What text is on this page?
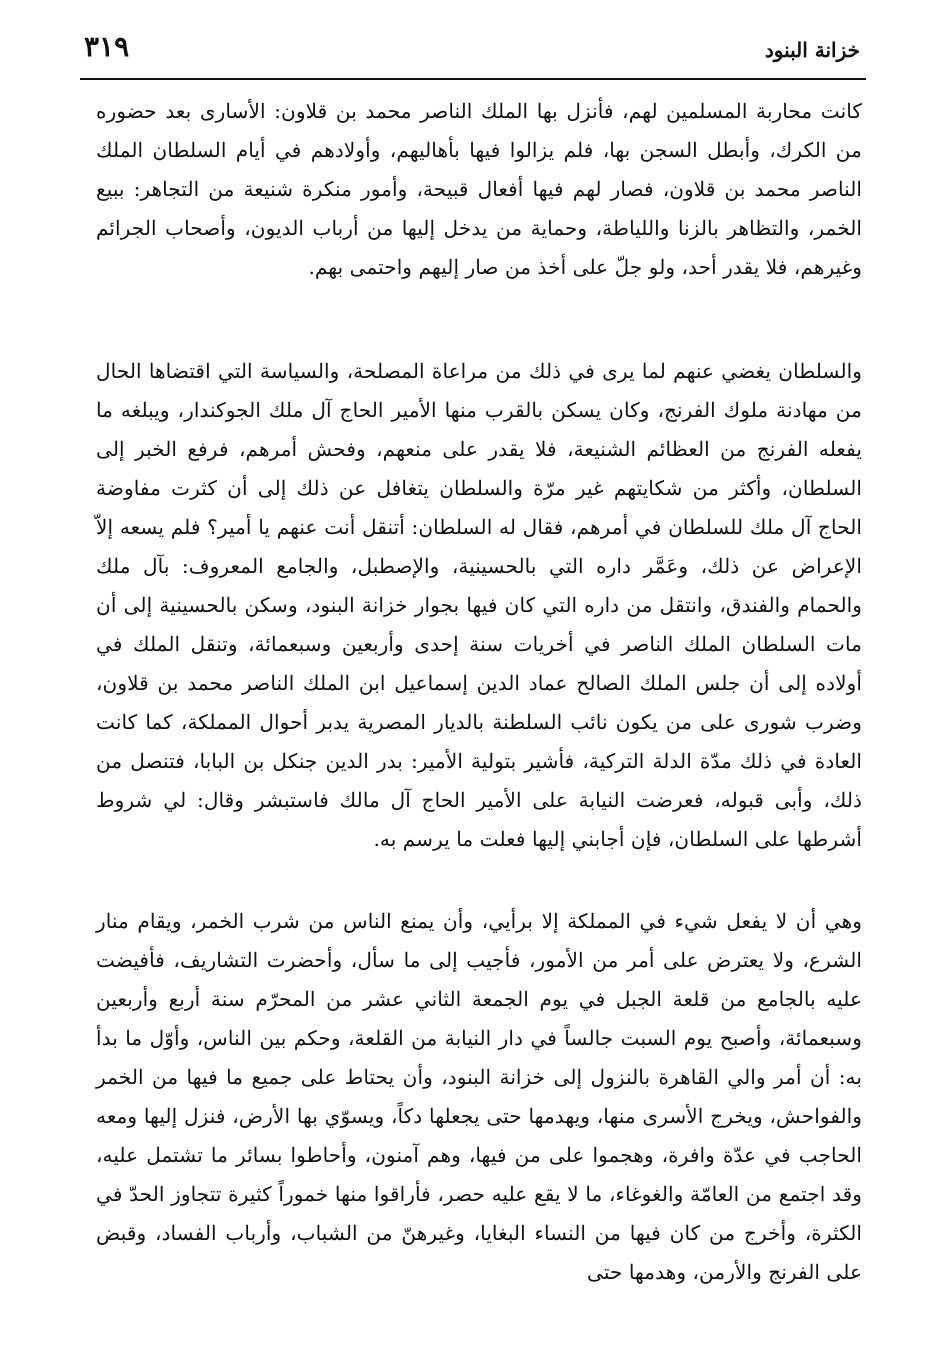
٣١٩	خزانة البنود

كانت محاربة المسلمين لهم، فأنزل بها الملك الناصر محمد بن قلاون: الأسارى بعد حضوره من الكرك، وأبطل السجن بها، فلم يزالوا فيها بأهاليهم، وأولادهم في أيام السلطان الملك الناصر محمد بن قلاون، فصار لهم فيها أفعال قبيحة، وأمور منكرة شنيعة من التجاهر: ببيع الخمر، والتظاهر بالزنا واللياطة، وحماية من يدخل إليها من أرباب الديون، وأصحاب الجرائم وغيرهم، فلا يقدر أحد، ولو جلّ على أخذ من صار إليهم واحتمى بهم.

والسلطان يغضي عنهم لما يرى في ذلك من مراعاة المصلحة، والسياسة التي اقتضاها الحال من مهادنة ملوك الفرنج، وكان يسكن بالقرب منها الأمير الحاج آل ملك الجوكندار، ويبلغه ما يفعله الفرنج من العظائم الشنيعة، فلا يقدر على منعهم، وفحش أمرهم، فرفع الخبر إلى السلطان، وأكثر من شكايتهم غير مرّة والسلطان يتغافل عن ذلك إلى أن كثرت مفاوضة الحاج آل ملك للسلطان في أمرهم، فقال له السلطان: أتنقل أنت عنهم يا أمير؟ فلم يسعه إلاّ الإعراض عن ذلك، وعَمَّر داره التي بالحسينية، والإصطبل، والجامع المعروف: بآل ملك والحمام والفندق، وانتقل من داره التي كان فيها بجوار خزانة البنود، وسكن بالحسينية إلى أن مات السلطان الملك الناصر في أخريات سنة إحدى وأربعين وسبعمائة، وتنقل الملك في أولاده إلى أن جلس الملك الصالح عماد الدين إسماعيل ابن الملك الناصر محمد بن قلاون، وضرب شورى على من يكون نائب السلطنة بالديار المصرية يدبر أحوال المملكة، كما كانت العادة في ذلك مدّة الدلة التركية، فأشير بتولية الأمير: بدر الدين جنكل بن البابا، فتنصل من ذلك، وأبى قبوله، فعرضت النيابة على الأمير الحاج آل مالك فاستبشر وقال: لي شروط أشرطها على السلطان، فإن أجابني إليها فعلت ما يرسم به.

وهي أن لا يفعل شيء في المملكة إلا برأيي، وأن يمنع الناس من شرب الخمر، ويقام منار الشرع، ولا يعترض على أمر من الأمور، فأجيب إلى ما سأل، وأحضرت التشاريف، فأفيضت عليه بالجامع من قلعة الجبل في يوم الجمعة الثاني عشر من المحرّم سنة أربع وأربعين وسبعمائة، وأصبح يوم السبت جالساً في دار النيابة من القلعة، وحكم بين الناس، وأوّل ما بدأ به: أن أمر والي القاهرة بالنزول إلى خزانة البنود، وأن يحتاط على جميع ما فيها من الخمر والفواحش، ويخرج الأسرى منها، ويهدمها حتى يجعلها دكاً، ويسوّي بها الأرض، فنزل إليها ومعه الحاجب في عدّة وافرة، وهجموا على من فيها، وهم آمنون، وأحاطوا بسائر ما تشتمل عليه، وقد اجتمع من العامّة والغوغاء، ما لا يقع عليه حصر، فأراقوا منها خموراً كثيرة تتجاوز الحدّ في الكثرة، وأخرج من كان فيها من النساء البغايا، وغيرهنّ من الشباب، وأرباب الفساد، وقبض على الفرنج والأرمن، وهدمها حتى
